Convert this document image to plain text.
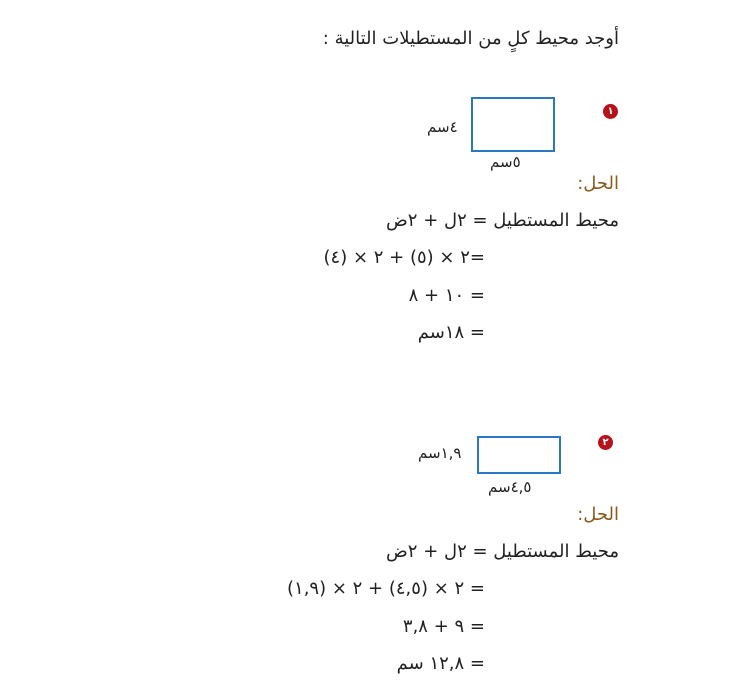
أوجد محيط كلٍ من المستطيلات التالية :
١
٤سم
٥سم
الحل:
محيط المستطيل = ٢ل + ٢ض
=٢ × (٥) + ٢ × (٤)
= ١٠ + ٨
= ١٨سم
٢
١,٩سم
٤,٥سم
الحل:
محيط المستطيل = ٢ل + ٢ض
= ٢ × (٤,٥) + ٢ × (١,٩)
= ٩ + ٣,٨
= ١٢,٨ سم
